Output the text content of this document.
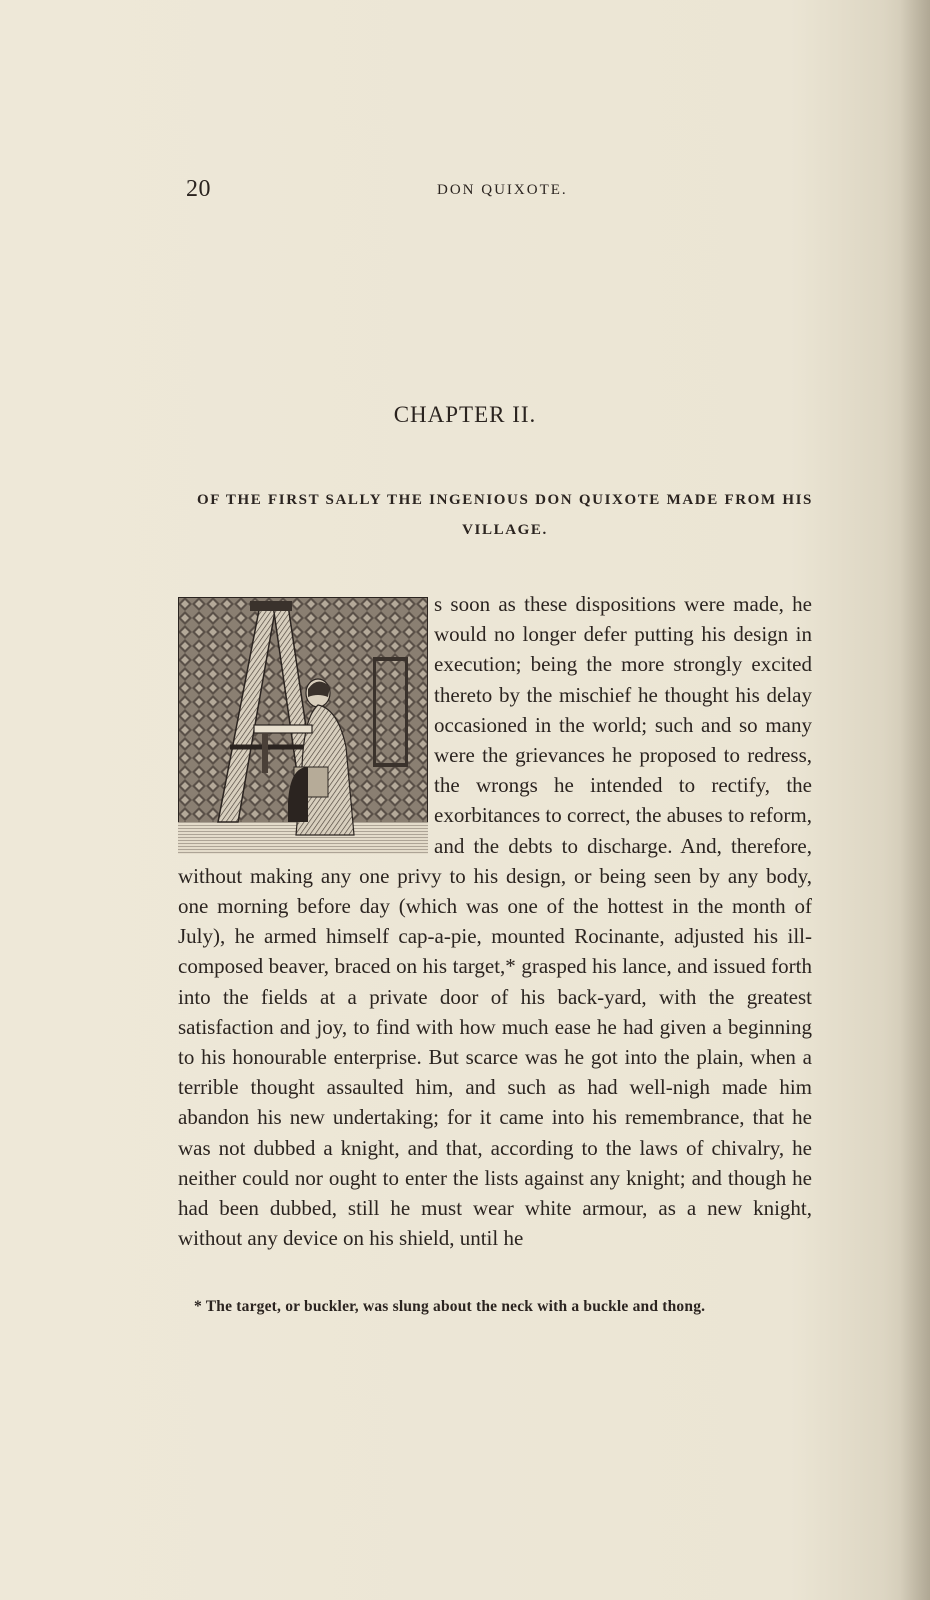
20	DON QUIXOTE.
CHAPTER II.
OF THE FIRST SALLY THE INGENIOUS DON QUIXOTE MADE FROM HIS VILLAGE.
s soon as these dispositions were made, he would no longer defer putting his design in execution; being the more strongly excited thereto by the mischief he thought his delay occasioned in the world; such and so many were the grievances he proposed to redress, the wrongs he intended to rectify, the exorbitances to correct, the abuses to reform, and the debts to discharge. And, therefore, without making any one privy to his design, or being seen by any body, one morning before day (which was one of the hottest in the month of July), he armed himself cap-a-pie, mounted Rocinante, adjusted his ill-composed beaver, braced on his target,* grasped his lance, and issued forth into the fields at a private door of his back-yard, with the greatest satisfaction and joy, to find with how much ease he had given a beginning to his honourable enterprise. But scarce was he got into the plain, when a terrible thought assaulted him, and such as had well-nigh made him abandon his new undertaking; for it came into his remembrance, that he was not dubbed a knight, and that, according to the laws of chivalry, he neither could nor ought to enter the lists against any knight; and though he had been dubbed, still he must wear white armour, as a new knight, without any device on his shield, until he
* The target, or buckler, was slung about the neck with a buckle and thong.
